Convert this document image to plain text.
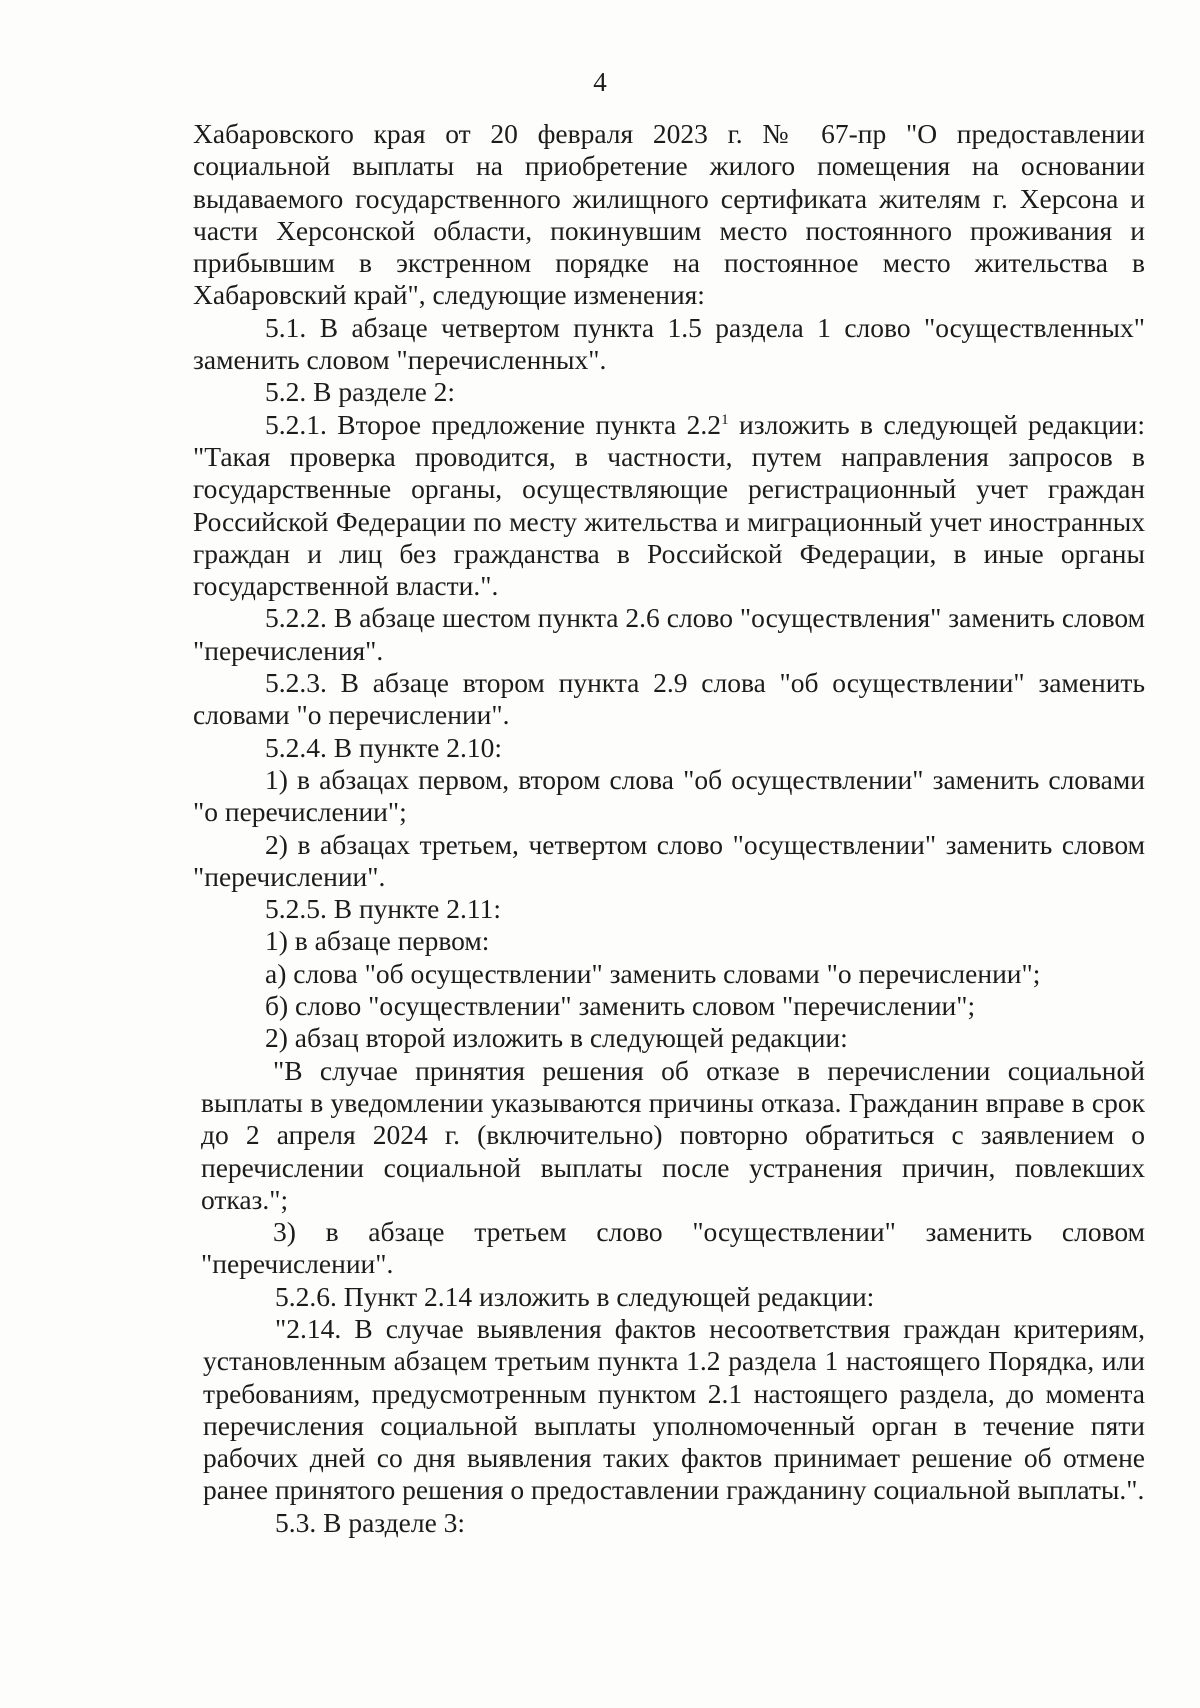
4

Хабаровского края от 20 февраля 2023 г. № 67-пр "О предоставлении социальной выплаты на приобретение жилого помещения на основании выдаваемого государственного жилищного сертификата жителям г. Херсона и части Херсонской области, покинувшим место постоянного проживания и прибывшим в экстренном порядке на постоянное место жительства в Хабаровский край", следующие изменения:

5.1. В абзаце четвертом пункта 1.5 раздела 1 слово "осуществленных" заменить словом "перечисленных".

5.2. В разделе 2:

5.2.1. Второе предложение пункта $2.2^1$ изложить в следующей редакции: "Такая проверка проводится, в частности, путем направления запросов в государственные органы, осуществляющие регистрационный учет граждан Российской Федерации по месту жительства и миграционный учет иностранных граждан и лиц без гражданства в Российской Федерации, в иные органы государственной власти.".

5.2.2. В абзаце шестом пункта 2.6 слово "осуществления" заменить словом "перечисления".

5.2.3. В абзаце втором пункта 2.9 слова "об осуществлении" заменить словами "о перечислении".

5.2.4. В пункте 2.10:

1) в абзацах первом, втором слова "об осуществлении" заменить словами "о перечислении";

2) в абзацах третьем, четвертом слово "осуществлении" заменить словом "перечислении".

5.2.5. В пункте 2.11:

1) в абзаце первом:

а) слова "об осуществлении" заменить словами "о перечислении";

б) слово "осуществлении" заменить словом "перечислении";

2) абзац второй изложить в следующей редакции:

"В случае принятия решения об отказе в перечислении социальной выплаты в уведомлении указываются причины отказа. Гражданин вправе в срок до 2 апреля 2024 г. (включительно) повторно обратиться с заявлением о перечислении социальной выплаты после устранения причин, повлекших отказ.";

3) в абзаце третьем слово "осуществлении" заменить словом "перечислении".

5.2.6. Пункт 2.14 изложить в следующей редакции:

"2.14. В случае выявления фактов несоответствия граждан критериям, установленным абзацем третьим пункта 1.2 раздела 1 настоящего Порядка, или требованиям, предусмотренным пунктом 2.1 настоящего раздела, до момента перечисления социальной выплаты уполномоченный орган в течение пяти рабочих дней со дня выявления таких фактов принимает решение об отмене ранее принятого решения о предоставлении гражданину социальной выплаты.".

5.3. В разделе 3:
